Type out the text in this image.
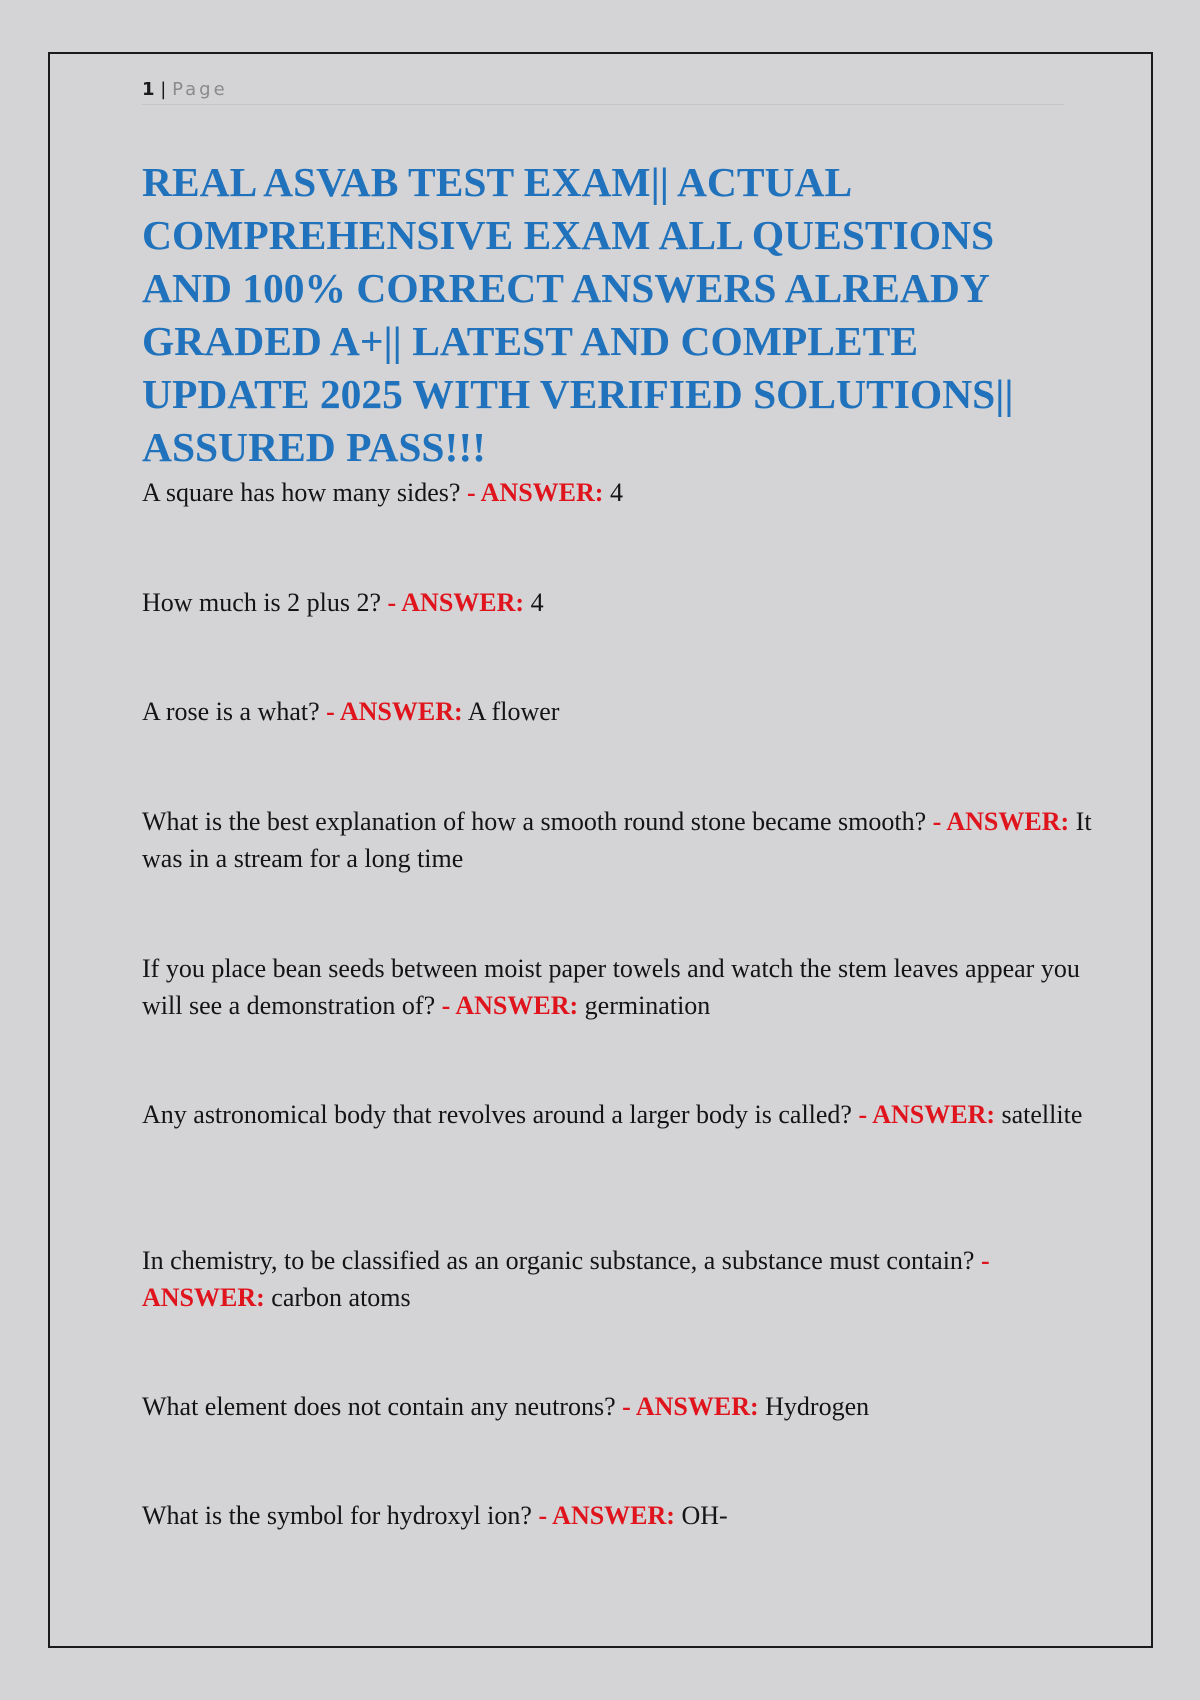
1 | Page
REAL ASVAB TEST EXAM|| ACTUAL COMPREHENSIVE EXAM ALL QUESTIONS AND 100% CORRECT ANSWERS ALREADY GRADED A+|| LATEST AND COMPLETE UPDATE 2025 WITH VERIFIED SOLUTIONS|| ASSURED PASS!!!
A square has how many sides? - ANSWER: 4
How much is 2 plus 2? - ANSWER: 4
A rose is a what? - ANSWER: A flower
What is the best explanation of how a smooth round stone became smooth? - ANSWER: It was in a stream for a long time
If you place bean seeds between moist paper towels and watch the stem leaves appear you will see a demonstration of? - ANSWER: germination
Any astronomical body that revolves around a larger body is called? - ANSWER: satellite
In chemistry, to be classified as an organic substance, a substance must contain? - ANSWER: carbon atoms
What element does not contain any neutrons? - ANSWER: Hydrogen
What is the symbol for hydroxyl ion? - ANSWER: OH-
